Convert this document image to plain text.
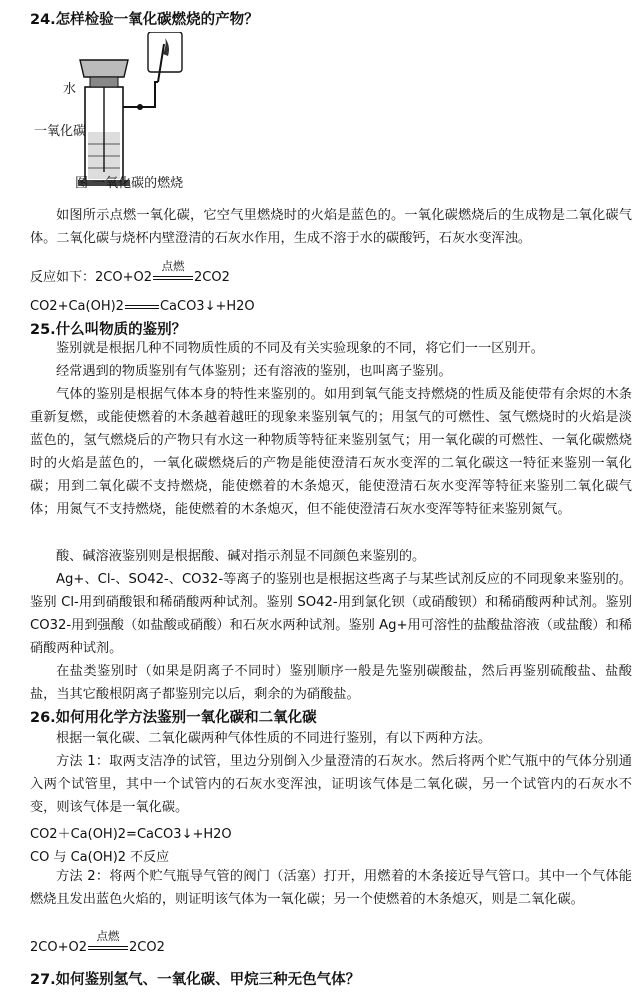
24.怎样检验一氧化碳燃烧的产物？
水
一氧化碳
图 一氧化碳的燃烧
如图所示点燃一氧化碳，它空气里燃烧时的火焰是蓝色的。一氧化碳燃烧后的生成物是二氧化碳气体。二氧化碳与烧杯内壁澄清的石灰水作用，生成不溶于水的碳酸钙，石灰水变浑浊。
反应如下：2CO+O2
点燃
2CO2
CO2+Ca(OH)2	CaCO3↓+H2O
25.什么叫物质的鉴别？
鉴别就是根据几种不同物质性质的不同及有关实验现象的不同，将它们一一区别开。
经常遇到的物质鉴别有气体鉴别；还有溶液的鉴别，也叫离子鉴别。
气体的鉴别是根据气体本身的特性来鉴别的。如用到氧气能支持燃烧的性质及能使带有余烬的木条重新复燃，或能使燃着的木条越着越旺的现象来鉴别氧气的；用氢气的可燃性、氢气燃烧时的火焰是淡蓝色的，氢气燃烧后的产物只有水这一种物质等特征来鉴别氢气；用一氧化碳的可燃性、一氧化碳燃烧时的火焰是蓝色的，一氧化碳燃烧后的产物是能使澄清石灰水变浑的二氧化碳这一特征来鉴别一氧化碳；用到二氧化碳不支持燃烧，能使燃着的木条熄灭，能使澄清石灰水变浑等特征来鉴别二氧化碳气体；用氮气不支持燃烧，能使燃着的木条熄灭，但不能使澄清石灰水变浑等特征来鉴别氮气。
酸、碱溶液鉴别则是根据酸、碱对指示剂显不同颜色来鉴别的。
Ag+、Cl-、SO42-、CO32-等离子的鉴别也是根据这些离子与某些试剂反应的不同现象来鉴别的。鉴别 Cl-用到硝酸银和稀硝酸两种试剂。鉴别 SO42-用到氯化钡（或硝酸钡）和稀硝酸两种试剂。鉴别 CO32-用到强酸（如盐酸或硝酸）和石灰水两种试剂。鉴别 Ag+用可溶性的盐酸盐溶液（或盐酸）和稀硝酸两种试剂。
在盐类鉴别时（如果是阴离子不同时）鉴别顺序一般是先鉴别碳酸盐，然后再鉴别硫酸盐、盐酸盐，当其它酸根阴离子都鉴别完以后，剩余的为硝酸盐。
26.如何用化学方法鉴别一氧化碳和二氧化碳
根据一氧化碳、二氧化碳两种气体性质的不同进行鉴别，有以下两种方法。
方法 1：取两支洁净的试管，里边分别倒入少量澄清的石灰水。然后将两个贮气瓶中的气体分别通入两个试管里，其中一个试管内的石灰水变浑浊，证明该气体是二氧化碳，另一个试管内的石灰水不变，则该气体是一氧化碳。
CO2＋Ca(OH)2=CaCO3↓+H2O
CO 与 Ca(OH)2 不反应
方法 2：将两个贮气瓶导气管的阀门（活塞）打开，用燃着的木条接近导气管口。其中一个气体能燃烧且发出蓝色火焰的，则证明该气体为一氧化碳；另一个使燃着的木条熄灭，则是二氧化碳。
2CO+O2
点燃
2CO2
27.如何鉴别氢气、一氧化碳、甲烷三种无色气体？
